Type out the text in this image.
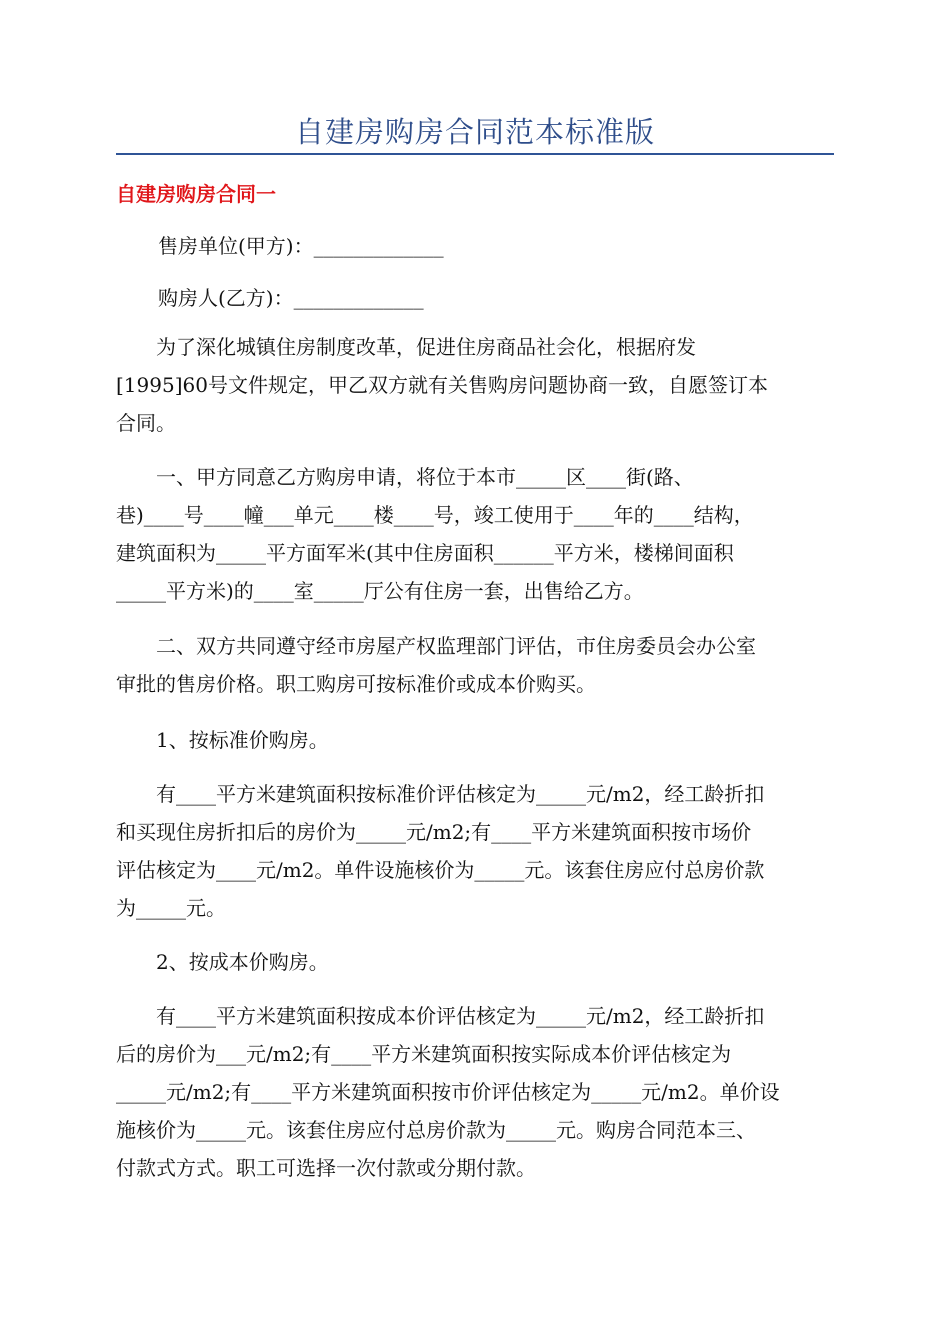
自建房购房合同范本标准版
自建房购房合同一

售房单位(甲方)：_____________

购房人(乙方)：_____________

　　为了深化城镇住房制度改革，促进住房商品社会化，根据府发
[1995]60号文件规定，甲乙双方就有关售购房问题协商一致，自愿签订本
合同。

　　一、甲方同意乙方购房申请，将位于本市_____区____街(路、
巷)____号____幢___单元____楼____号，竣工使用于____年的____结构，
建筑面积为_____平方面军米(其中住房面积______平方米，楼梯间面积
_____平方米)的____室_____厅公有住房一套，出售给乙方。

　　二、双方共同遵守经市房屋产权监理部门评估，市住房委员会办公室
审批的售房价格。职工购房可按标准价或成本价购买。

　　1、按标准价购房。

　　有____平方米建筑面积按标准价评估核定为_____元/m2，经工龄折扣
和买现住房折扣后的房价为_____元/m2;有____平方米建筑面积按市场价
评估核定为____元/m2。单件设施核价为_____元。该套住房应付总房价款
为_____元。

　　2、按成本价购房。

　　有____平方米建筑面积按成本价评估核定为_____元/m2，经工龄折扣
后的房价为___元/m2;有____平方米建筑面积按实际成本价评估核定为
_____元/m2;有____平方米建筑面积按市价评估核定为_____元/m2。单价设
施核价为_____元。该套住房应付总房价款为_____元。购房合同范本三、
付款式方式。职工可选择一次付款或分期付款。
